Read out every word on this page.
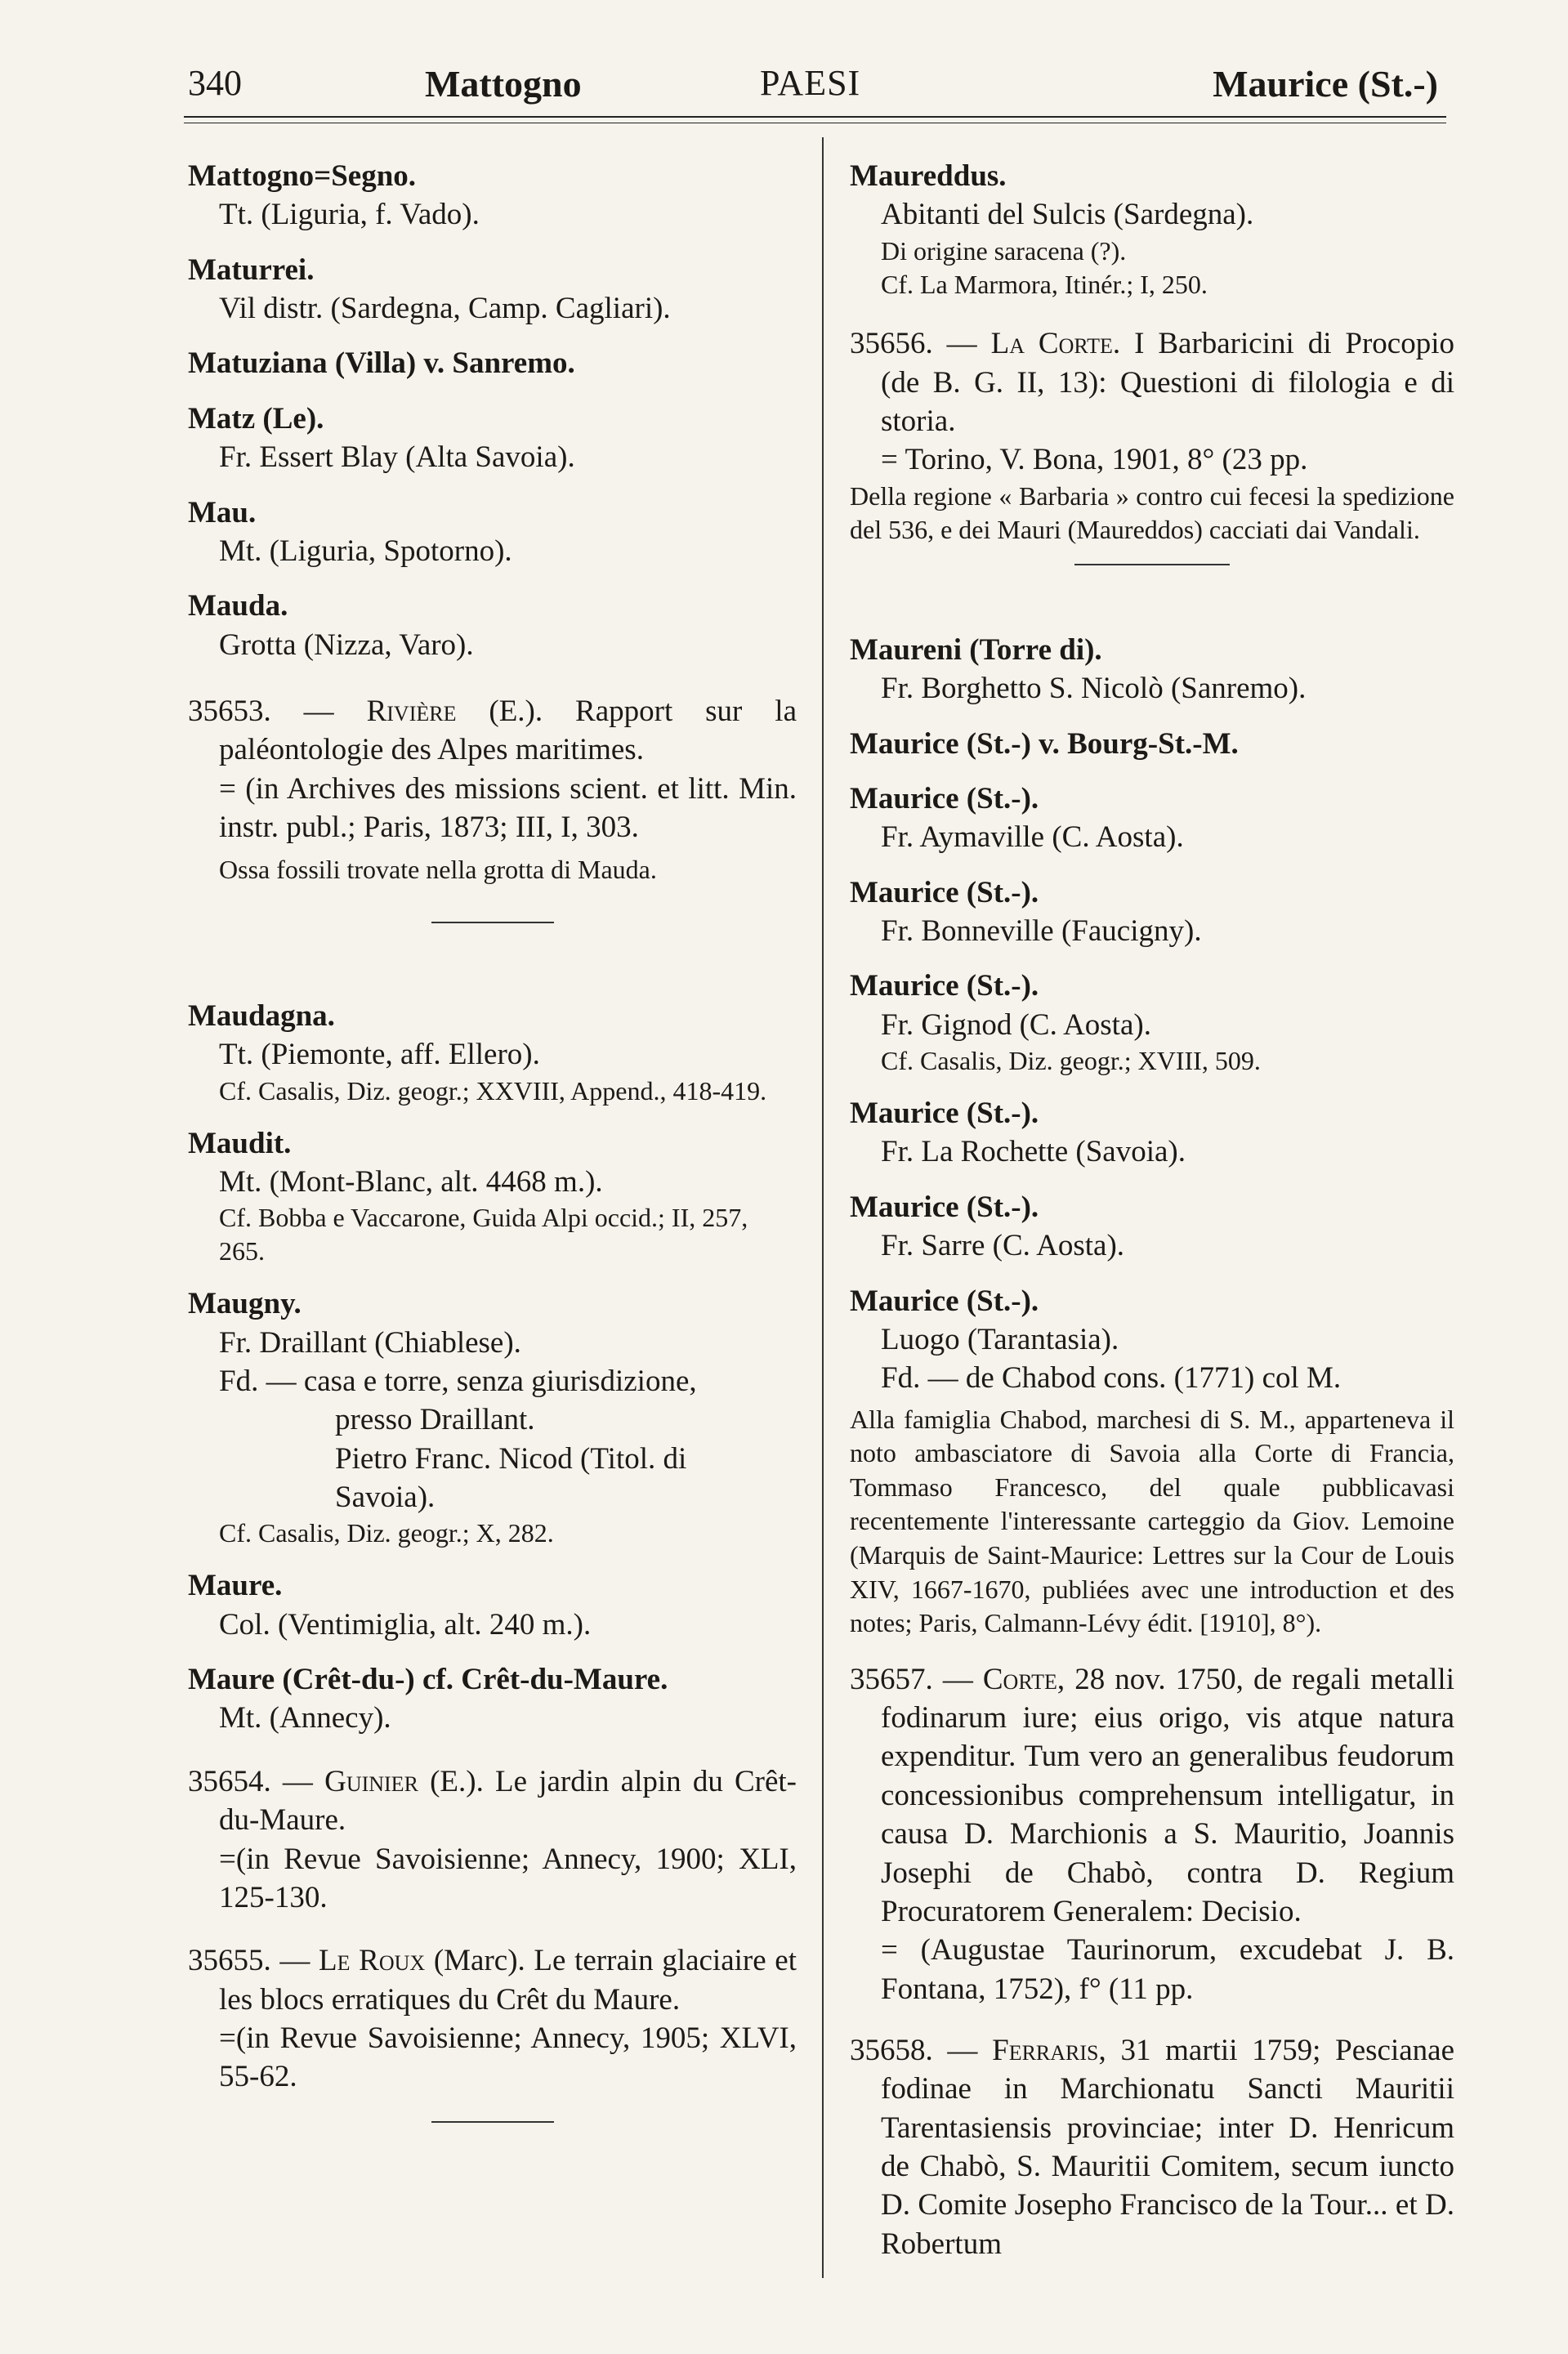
340	Mattogno	PAESI	Maurice (St.-)
Mattogno=Segno.
Tt. (Liguria, f. Vado).
Maturrei.
Vil distr. (Sardegna, Camp. Cagliari).
Matuziana (Villa) v. Sanremo.
Matz (Le).
Fr. Essert Blay (Alta Savoia).
Mau.
Mt. (Liguria, Spotorno).
Mauda.
Grotta (Nizza, Varo).
35653. — Rivière (E.). Rapport sur la paléontologie des Alpes maritimes.
= (in Archives des missions scient. et litt. Min. instr. publ.; Paris, 1873; III, I, 303.
Ossa fossili trovate nella grotta di Mauda.
Maudagna.
Tt. (Piemonte, aff. Ellero).
Cf. Casalis, Diz. geogr.; XXVIII, Append., 418-419.
Maudit.
Mt. (Mont-Blanc, alt. 4468 m.).
Cf. Bobba e Vaccarone, Guida Alpi occid.; II, 257, 265.
Maugny.
Fr. Draillant (Chiablese).
Fd. — casa e torre, senza giurisdizione,
presso Draillant.
Pietro Franc. Nicod (Titol. di
Savoia).
Cf. Casalis, Diz. geogr.; X, 282.
Maure.
Col. (Ventimiglia, alt. 240 m.).
Maure (Crêt-du-) cf. Crêt-du-Maure.
Mt. (Annecy).
35654. — Guinier (E.). Le jardin alpin du Crêt-du-Maure.
=(in Revue Savoisienne; Annecy, 1900; XLI, 125-130.
35655. — Le Roux (Marc). Le terrain glaciaire et les blocs erratiques du Crêt du Maure.
=(in Revue Savoisienne; Annecy, 1905; XLVI, 55-62.
Maureddus.
Abitanti del Sulcis (Sardegna).
Di origine saracena (?).
Cf. La Marmora, Itinér.; I, 250.
35656. — La Corte. I Barbaricini di Procopio (de B. G. II, 13): Questioni di filologia e di storia.
= Torino, V. Bona, 1901, 8° (23 pp.
Della regione « Barbaria » contro cui fecesi la spedizione del 536, e dei Mauri (Maureddos) cacciati dai Vandali.
Maureni (Torre di).
Fr. Borghetto S. Nicolò (Sanremo).
Maurice (St.-) v. Bourg-St.-M.
Maurice (St.-).
Fr. Aymaville (C. Aosta).
Maurice (St.-).
Fr. Bonneville (Faucigny).
Maurice (St.-).
Fr. Gignod (C. Aosta).
Cf. Casalis, Diz. geogr.; XVIII, 509.
Maurice (St.-).
Fr. La Rochette (Savoia).
Maurice (St.-).
Fr. Sarre (C. Aosta).
Maurice (St.-).
Luogo (Tarantasia).
Fd. — de Chabod cons. (1771) col M.
Alla famiglia Chabod, marchesi di S. M., apparteneva il noto ambasciatore di Savoia alla Corte di Francia, Tommaso Francesco, del quale pubblicavasi recentemente l'interessante carteggio da Giov. Lemoine (Marquis de Saint-Maurice: Lettres sur la Cour de Louis XIV, 1667-1670, publiées avec une introduction et des notes; Paris, Calmann-Lévy édit. [1910], 8°).
35657. — Corte, 28 nov. 1750, de regali metalli fodinarum iure; eius origo, vis atque natura expenditur. Tum vero an generalibus feudorum concessionibus comprehensum intelligatur, in causa D. Marchionis a S. Mauritio, Joannis Josephi de Chabò, contra D. Regium Procuratorem Generalem: Decisio.
= (Augustae Taurinorum, excudebat J. B. Fontana, 1752), f° (11 pp.
35658. — Ferraris, 31 martii 1759; Pescianae fodinae in Marchionatu Sancti Mauritii Tarentasiensis provinciae; inter D. Henricum de Chabò, S. Mauritii Comitem, secum iuncto D. Comite Josepho Francisco de la Tour... et D. Robertum
